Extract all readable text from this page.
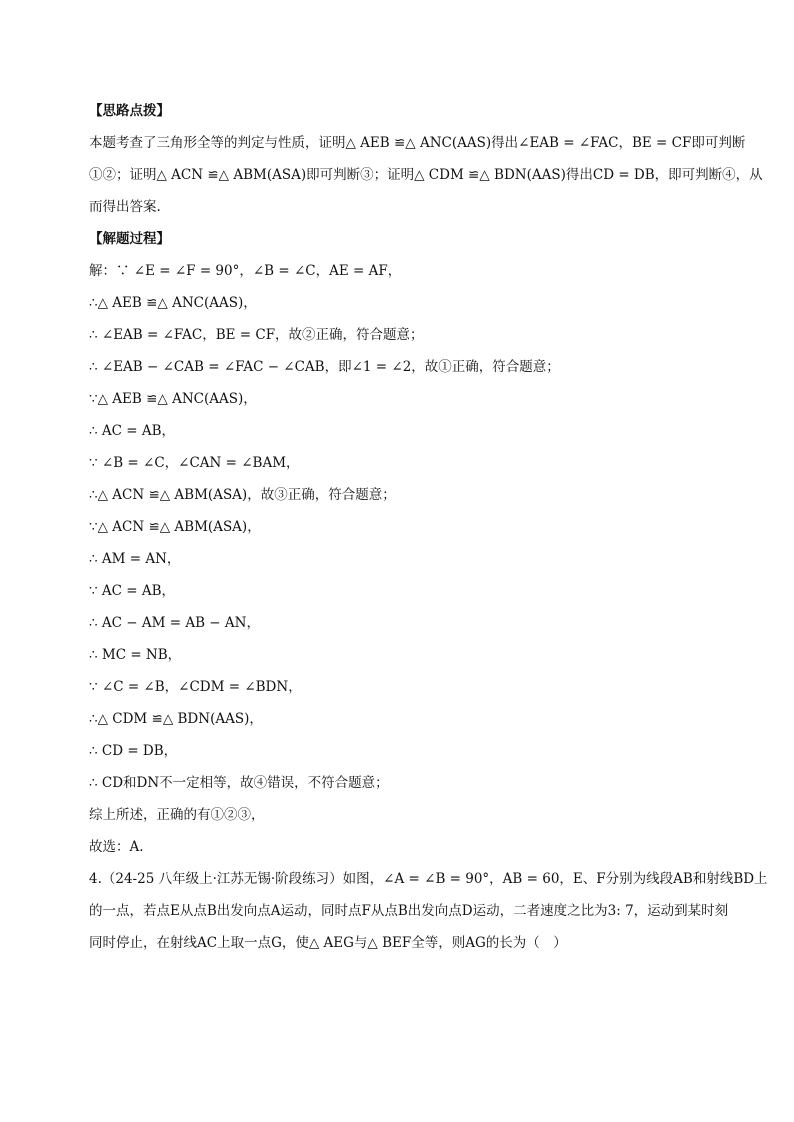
【思路点拨】
本题考查了三角形全等的判定与性质，证明△ AEB ≌△ ANC(AAS)得出∠EAB = ∠FAC，BE = CF即可判断
①②；证明△ ACN ≌△ ABM(ASA)即可判断③；证明△ CDM ≌△ BDN(AAS)得出CD = DB，即可判断④，从
而得出答案.
【解题过程】
解：∵ ∠E = ∠F = 90°，∠B = ∠C，AE = AF，
∴△ AEB ≌△ ANC(AAS)，
∴ ∠EAB = ∠FAC，BE = CF，故②正确，符合题意；
∴ ∠EAB − ∠CAB = ∠FAC − ∠CAB，即∠1 = ∠2，故①正确，符合题意；
∵△ AEB ≌△ ANC(AAS)，
∴ AC = AB，
∵ ∠B = ∠C，∠CAN = ∠BAM，
∴△ ACN ≌△ ABM(ASA)，故③正确，符合题意；
∵△ ACN ≌△ ABM(ASA)，
∴ AM = AN，
∵ AC = AB，
∴ AC − AM = AB − AN，
∴ MC = NB，
∵ ∠C = ∠B，∠CDM = ∠BDN，
∴△ CDM ≌△ BDN(AAS)，
∴ CD = DB，
∴ CD和DN不一定相等，故④错误，不符合题意；
综上所述，正确的有①②③，
故选：A.
4.（24-25 八年级上·江苏无锡·阶段练习）如图，∠A = ∠B = 90°，AB = 60，E、F分别为线段AB和射线BD上
的一点，若点E从点B出发向点A运动，同时点F从点B出发向点D运动，二者速度之比为3: 7，运动到某时刻
同时停止，在射线AC上取一点G，使△ AEG与△ BEF全等，则AG的长为（　）
